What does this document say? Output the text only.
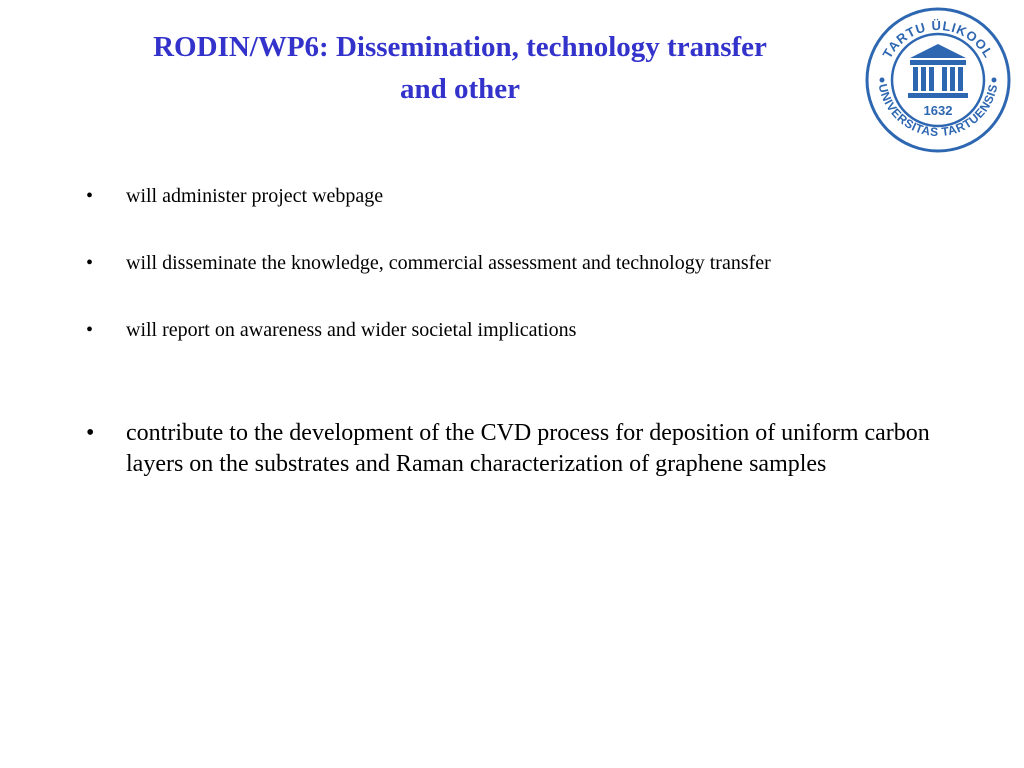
RODIN/WP6: Dissemination, technology transfer
and other
TARTU ÜLIKOOL
UNIVERSITAS TARTUENSIS
1632
• will administer project webpage
• will disseminate the knowledge, commercial assessment and technology transfer
• will report on awareness and wider societal implications
• contribute to the development of the CVD process for deposition of uniform carbon layers on the substrates and Raman characterization of graphene samples
